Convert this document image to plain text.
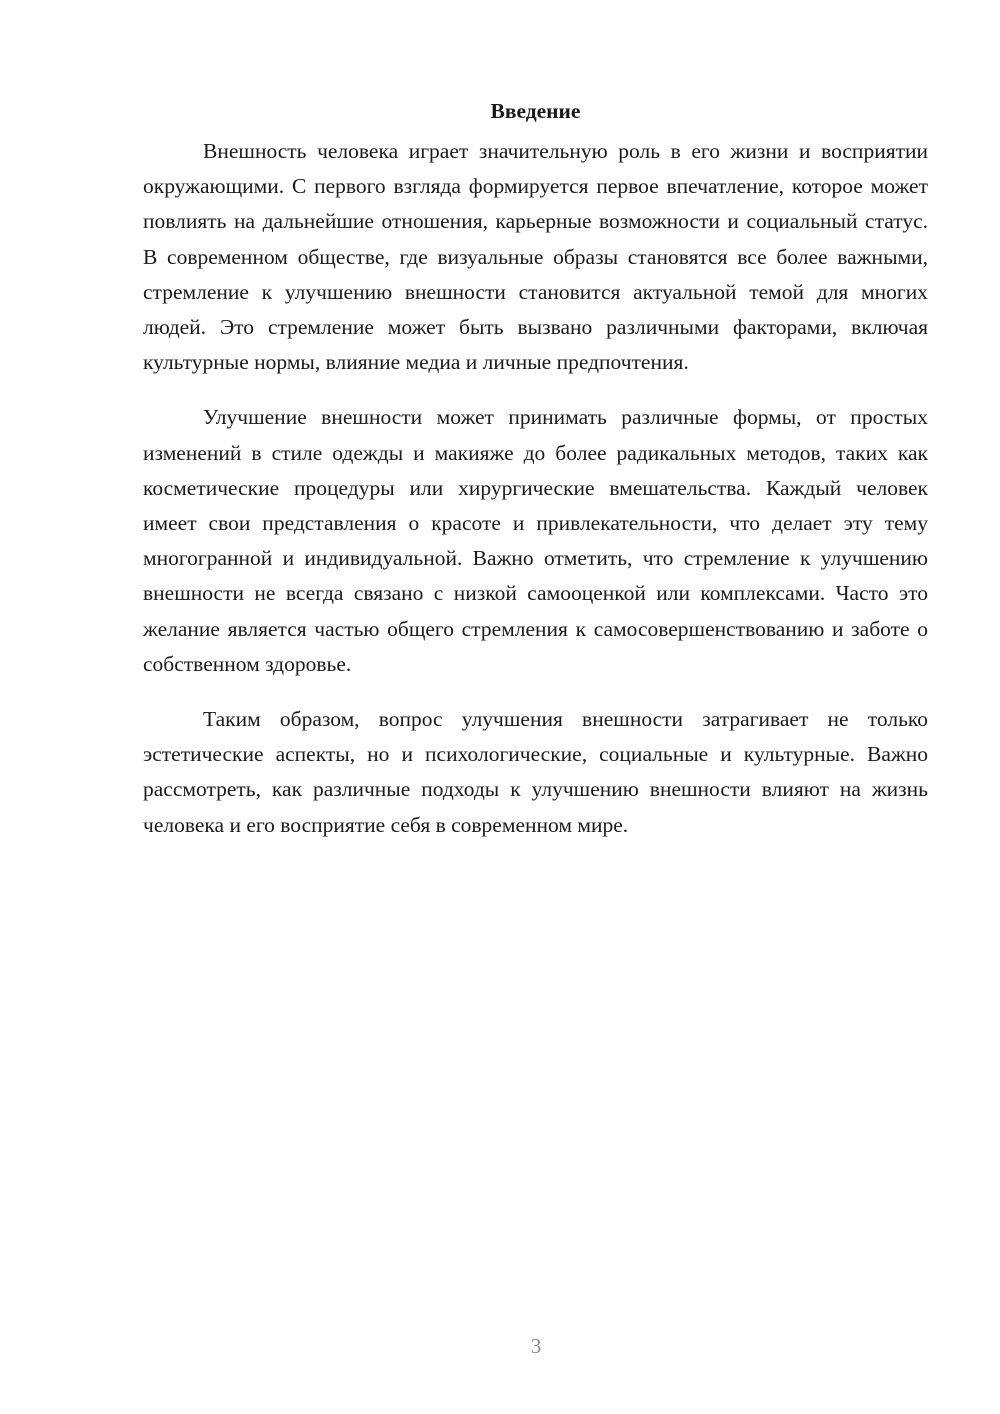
Введение

Внешность человека играет значительную роль в его жизни и восприятии окружающими. С первого взгляда формируется первое впечатление, которое может повлиять на дальнейшие отношения, карьерные возможности и социальный статус. В современном обществе, где визуальные образы становятся все более важными, стремление к улучшению внешности становится актуальной темой для многих людей. Это стремление может быть вызвано различными факторами, включая культурные нормы, влияние медиа и личные предпочтения.

Улучшение внешности может принимать различные формы, от простых изменений в стиле одежды и макияже до более радикальных методов, таких как косметические процедуры или хирургические вмешательства. Каждый человек имеет свои представления о красоте и привлекательности, что делает эту тему многогранной и индивидуальной. Важно отметить, что стремление к улучшению внешности не всегда связано с низкой самооценкой или комплексами. Часто это желание является частью общего стремления к самосовершенствованию и заботе о собственном здоровье.

Таким образом, вопрос улучшения внешности затрагивает не только эстетические аспекты, но и психологические, социальные и культурные. Важно рассмотреть, как различные подходы к улучшению внешности влияют на жизнь человека и его восприятие себя в современном мире.

3
